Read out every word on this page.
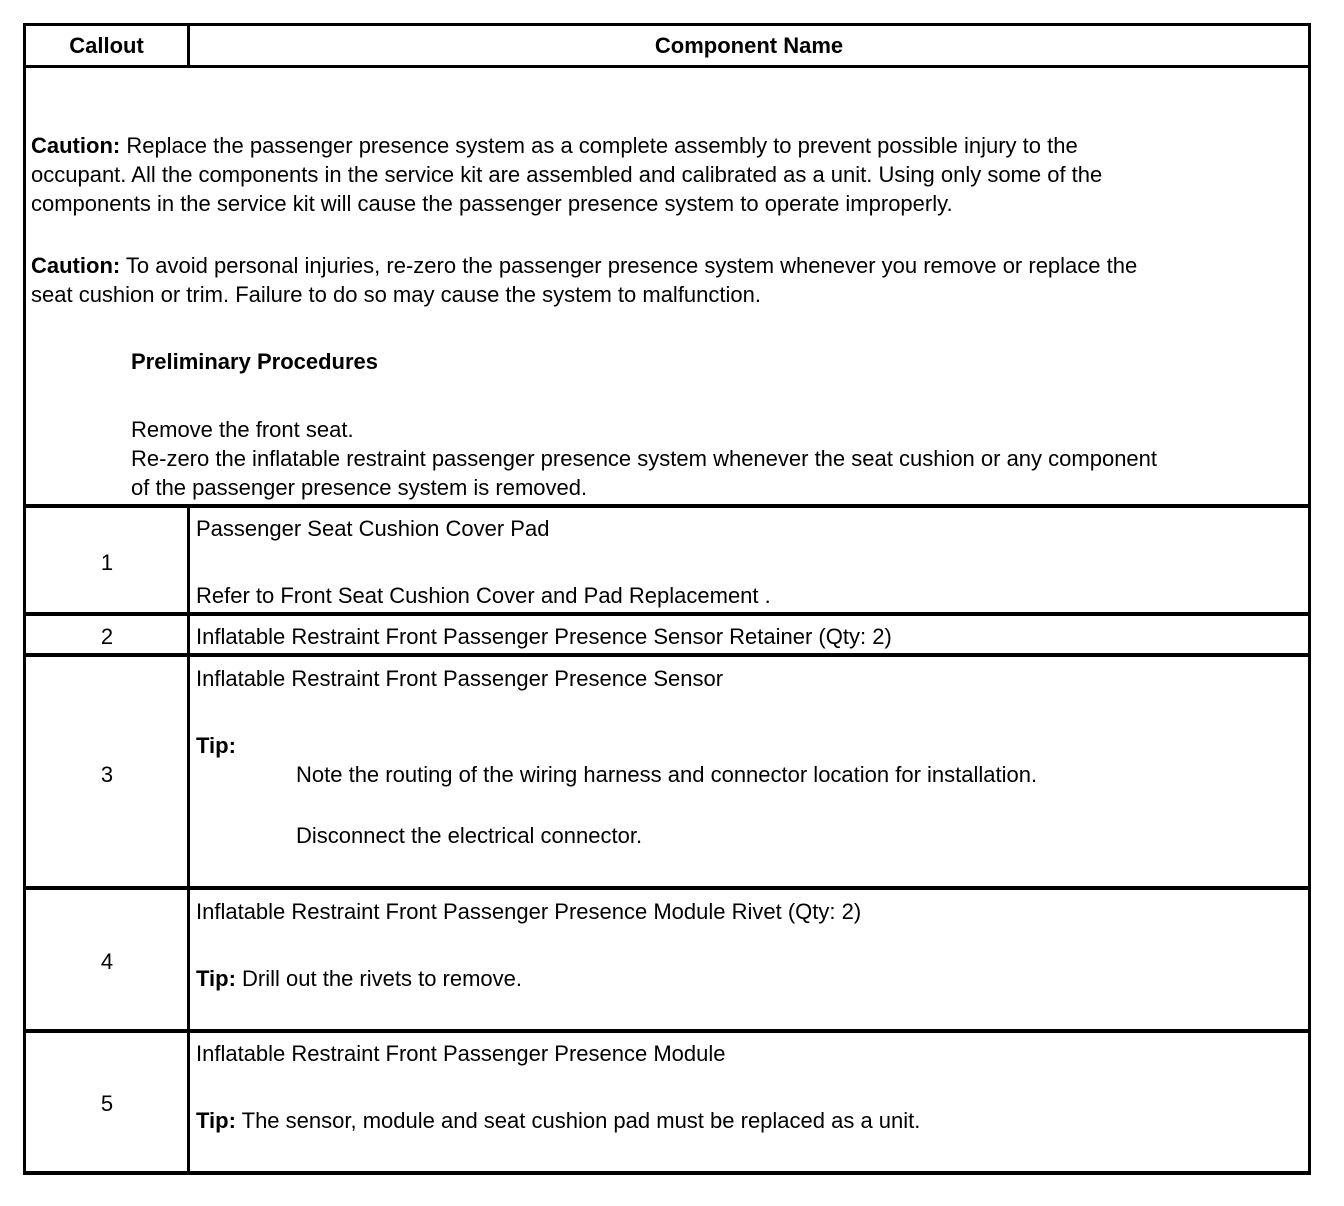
Callout	Component Name
Caution: Replace the passenger presence system as a complete assembly to prevent possible injury to the
occupant. All the components in the service kit are assembled and calibrated as a unit. Using only some of the
components in the service kit will cause the passenger presence system to operate improperly.
Caution: To avoid personal injuries, re-zero the passenger presence system whenever you remove or replace the
seat cushion or trim. Failure to do so may cause the system to malfunction.
Preliminary Procedures
Remove the front seat.
Re-zero the inflatable restraint passenger presence system whenever the seat cushion or any component
of the passenger presence system is removed.
1
Passenger Seat Cushion Cover Pad
Refer to Front Seat Cushion Cover and Pad Replacement .
2	Inflatable Restraint Front Passenger Presence Sensor Retainer (Qty: 2)
3
Inflatable Restraint Front Passenger Presence Sensor
Tip:
Note the routing of the wiring harness and connector location for installation.
Disconnect the electrical connector.
4
Inflatable Restraint Front Passenger Presence Module Rivet (Qty: 2)
Tip: Drill out the rivets to remove.
5
Inflatable Restraint Front Passenger Presence Module
Tip: The sensor, module and seat cushion pad must be replaced as a unit.
